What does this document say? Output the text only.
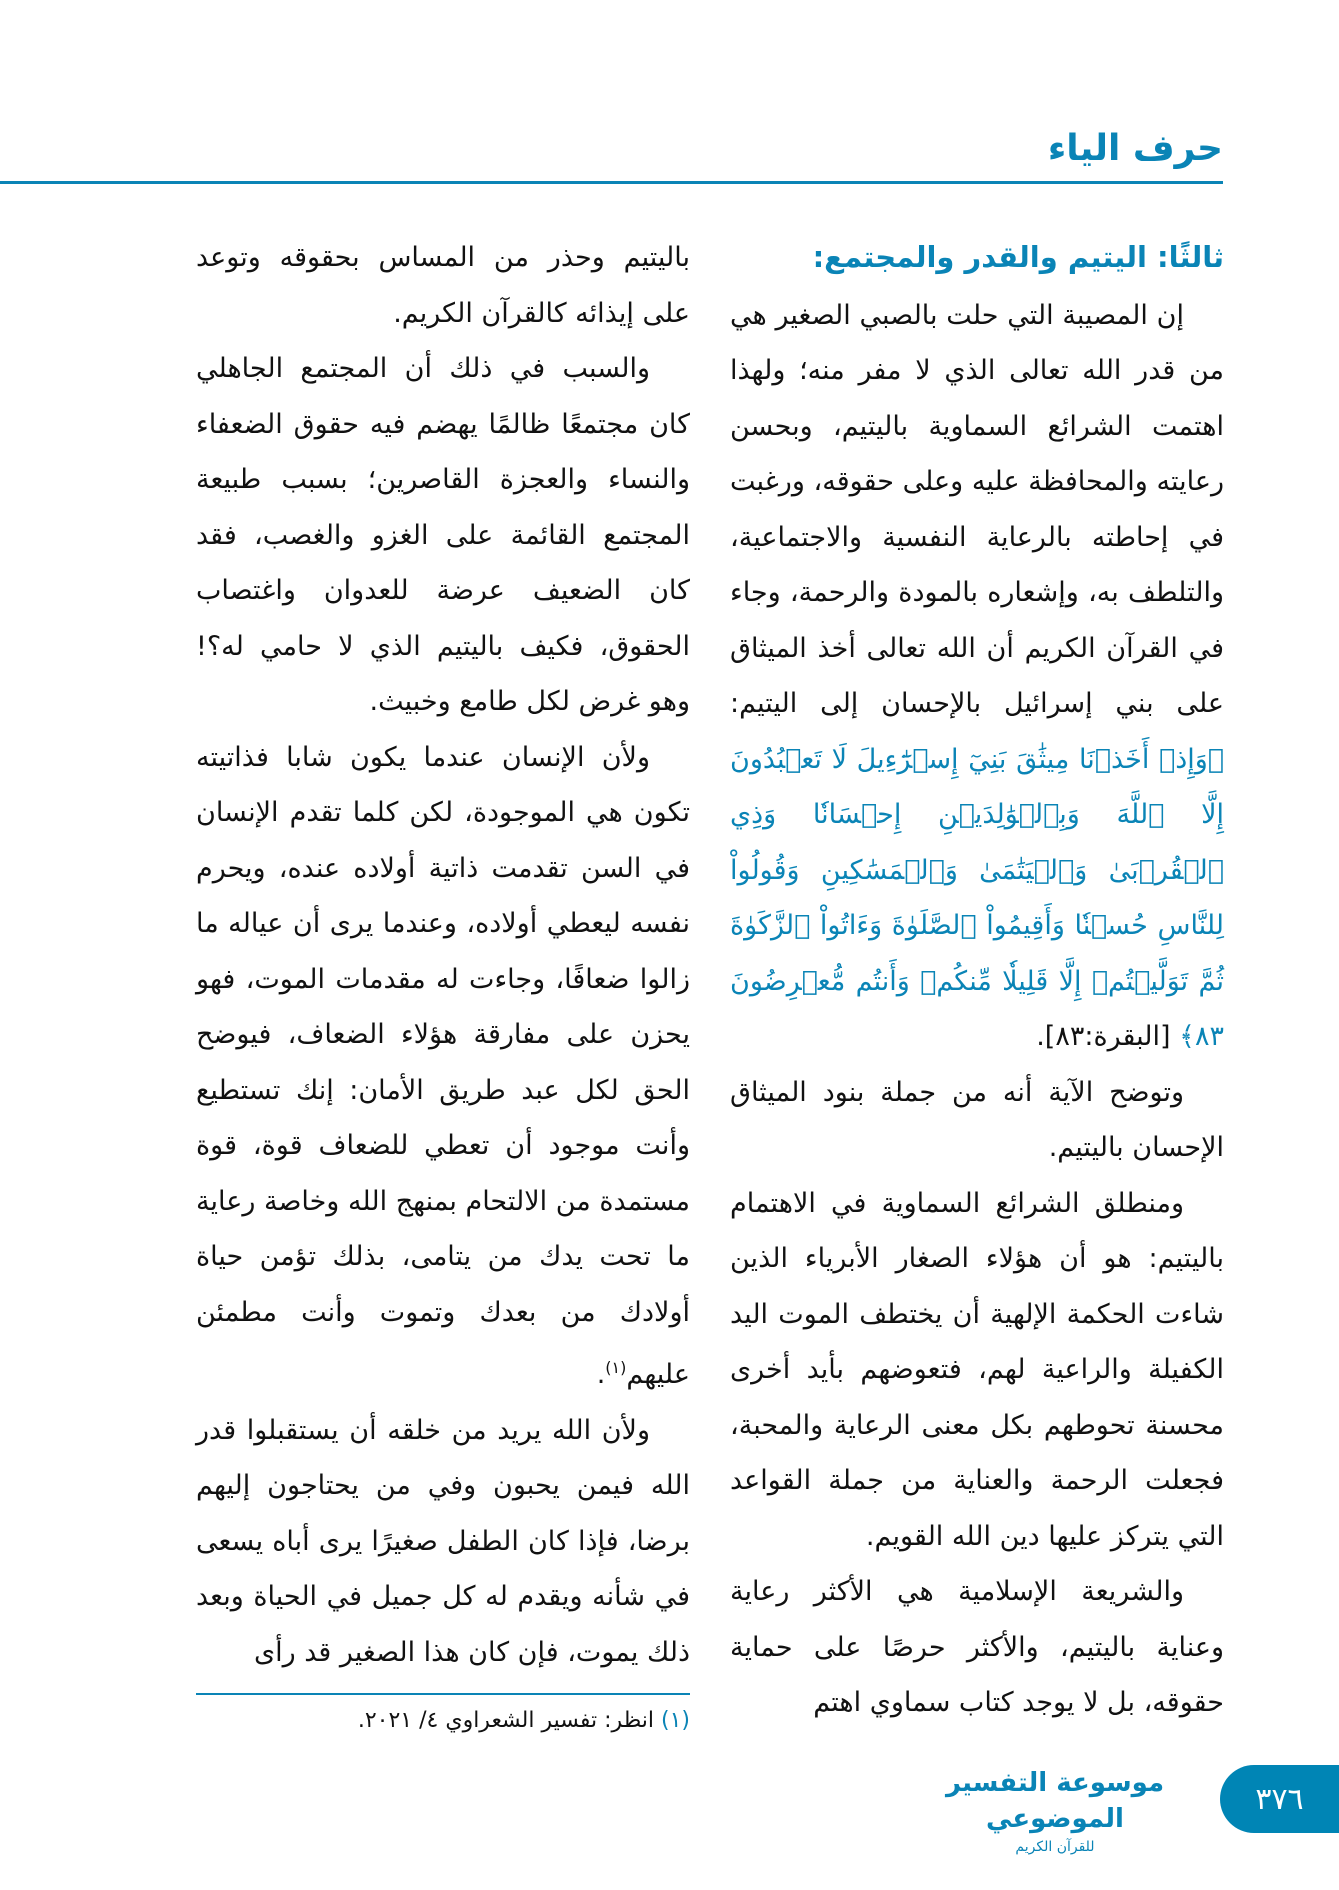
حرف الياء
ثالثًا: اليتيم والقدر والمجتمع:

إن المصيبة التي حلت بالصبي الصغير هي من قدر الله تعالى الذي لا مفر منه؛ ولهذا اهتمت الشرائع السماوية باليتيم، وبحسن رعايته والمحافظة عليه وعلى حقوقه، ورغبت في إحاطته بالرعاية النفسية والاجتماعية، والتلطف به، وإشعاره بالمودة والرحمة، وجاء في القرآن الكريم أن الله تعالى أخذ الميثاق على بني إسرائيل بالإحسان إلى اليتيم: ﴿وَإِذۡ أَخَذۡنَا مِيثَٰقَ بَنِيٓ إِسۡرَٰٓءِيلَ لَا تَعۡبُدُونَ إِلَّا ٱللَّهَ وَبِٱلۡوَٰلِدَيۡنِ إِحۡسَانٗا وَذِي ٱلۡقُرۡبَىٰ وَٱلۡيَتَٰمَىٰ وَٱلۡمَسَٰكِينِ وَقُولُواْ لِلنَّاسِ حُسۡنٗا وَأَقِيمُواْ ٱلصَّلَوٰةَ وَءَاتُواْ ٱلزَّكَوٰةَ ثُمَّ تَوَلَّيۡتُمۡ إِلَّا قَلِيلٗا مِّنكُمۡ وَأَنتُم مُّعۡرِضُونَ ٨٣﴾ [البقرة:٨٣].

وتوضح الآية أنه من جملة بنود الميثاق الإحسان باليتيم.

ومنطلق الشرائع السماوية في الاهتمام باليتيم: هو أن هؤلاء الصغار الأبرياء الذين شاءت الحكمة الإلهية أن يختطف الموت اليد الكفيلة والراعية لهم، فتعوضهم بأيد أخرى محسنة تحوطهم بكل معنى الرعاية والمحبة، فجعلت الرحمة والعناية من جملة القواعد التي يتركز عليها دين الله القويم.

والشريعة الإسلامية هي الأكثر رعاية وعناية باليتيم، والأكثر حرصًا على حماية حقوقه، بل لا يوجد كتاب سماوي اهتم

باليتيم وحذر من المساس بحقوقه وتوعد على إيذائه كالقرآن الكريم.

والسبب في ذلك أن المجتمع الجاهلي كان مجتمعًا ظالمًا يهضم فيه حقوق الضعفاء والنساء والعجزة القاصرين؛ بسبب طبيعة المجتمع القائمة على الغزو والغصب، فقد كان الضعيف عرضة للعدوان واغتصاب الحقوق، فكيف باليتيم الذي لا حامي له؟! وهو غرض لكل طامع وخبيث.

ولأن الإنسان عندما يكون شابا فذاتيته تكون هي الموجودة، لكن كلما تقدم الإنسان في السن تقدمت ذاتية أولاده عنده، ويحرم نفسه ليعطي أولاده، وعندما يرى أن عياله ما زالوا ضعافًا، وجاءت له مقدمات الموت، فهو يحزن على مفارقة هؤلاء الضعاف، فيوضح الحق لكل عبد طريق الأمان: إنك تستطيع وأنت موجود أن تعطي للضعاف قوة، قوة مستمدة من الالتحام بمنهج الله وخاصة رعاية ما تحت يدك من يتامى، بذلك تؤمن حياة أولادك من بعدك وتموت وأنت مطمئن عليهم$^{(١)}$.

ولأن الله يريد من خلقه أن يستقبلوا قدر الله فيمن يحبون وفي من يحتاجون إليهم برضا، فإذا كان الطفل صغيرًا يرى أباه يسعى في شأنه ويقدم له كل جميل في الحياة وبعد ذلك يموت، فإن كان هذا الصغير قد رأى

(١) انظر: تفسير الشعراوي ٤/ ٢٠٢١.
موسوعة التفسير الموضوعي
للقرآن الكريم
٣٧٦
